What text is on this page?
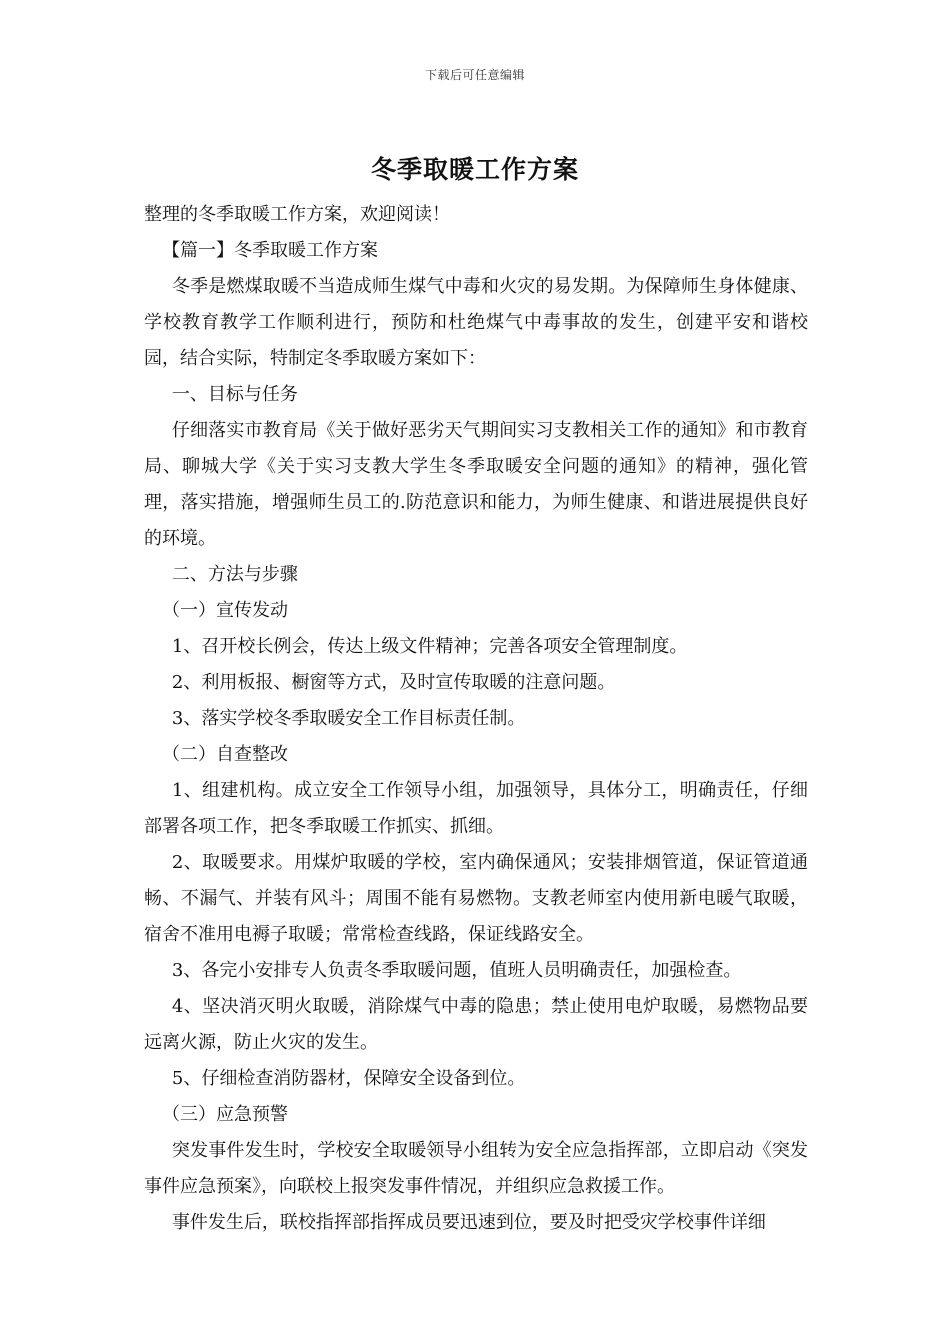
下载后可任意编辑
冬季取暖工作方案

整理的冬季取暖工作方案，欢迎阅读！

【篇一】冬季取暖工作方案

冬季是燃煤取暖不当造成师生煤气中毒和火灾的易发期。为保障师生身体健康、学校教育教学工作顺利进行，预防和杜绝煤气中毒事故的发生，创建平安和谐校园，结合实际，特制定冬季取暖方案如下：

一、目标与任务

仔细落实市教育局《关于做好恶劣天气期间实习支教相关工作的通知》和市教育局、聊城大学《关于实习支教大学生冬季取暖安全问题的通知》的精神，强化管理，落实措施，增强师生员工的.防范意识和能力，为师生健康、和谐进展提供良好的环境。

二、方法与步骤

（一）宣传发动

1、召开校长例会，传达上级文件精神；完善各项安全管理制度。

2、利用板报、橱窗等方式，及时宣传取暖的注意问题。

3、落实学校冬季取暖安全工作目标责任制。

（二）自查整改

1、组建机构。成立安全工作领导小组，加强领导，具体分工，明确责任，仔细部署各项工作，把冬季取暖工作抓实、抓细。

2、取暖要求。用煤炉取暖的学校，室内确保通风；安装排烟管道，保证管道通畅、不漏气、并装有风斗；周围不能有易燃物。支教老师室内使用新电暖气取暖，宿舍不准用电褥子取暖；常常检查线路，保证线路安全。

3、各完小安排专人负责冬季取暖问题，值班人员明确责任，加强检查。

4、坚决消灭明火取暖，消除煤气中毒的隐患；禁止使用电炉取暖，易燃物品要远离火源，防止火灾的发生。

5、仔细检查消防器材，保障安全设备到位。

（三）应急预警

突发事件发生时，学校安全取暖领导小组转为安全应急指挥部，立即启动《突发事件应急预案》，向联校上报突发事件情况，并组织应急救援工作。

事件发生后，联校指挥部指挥成员要迅速到位，要及时把受灾学校事件详细
